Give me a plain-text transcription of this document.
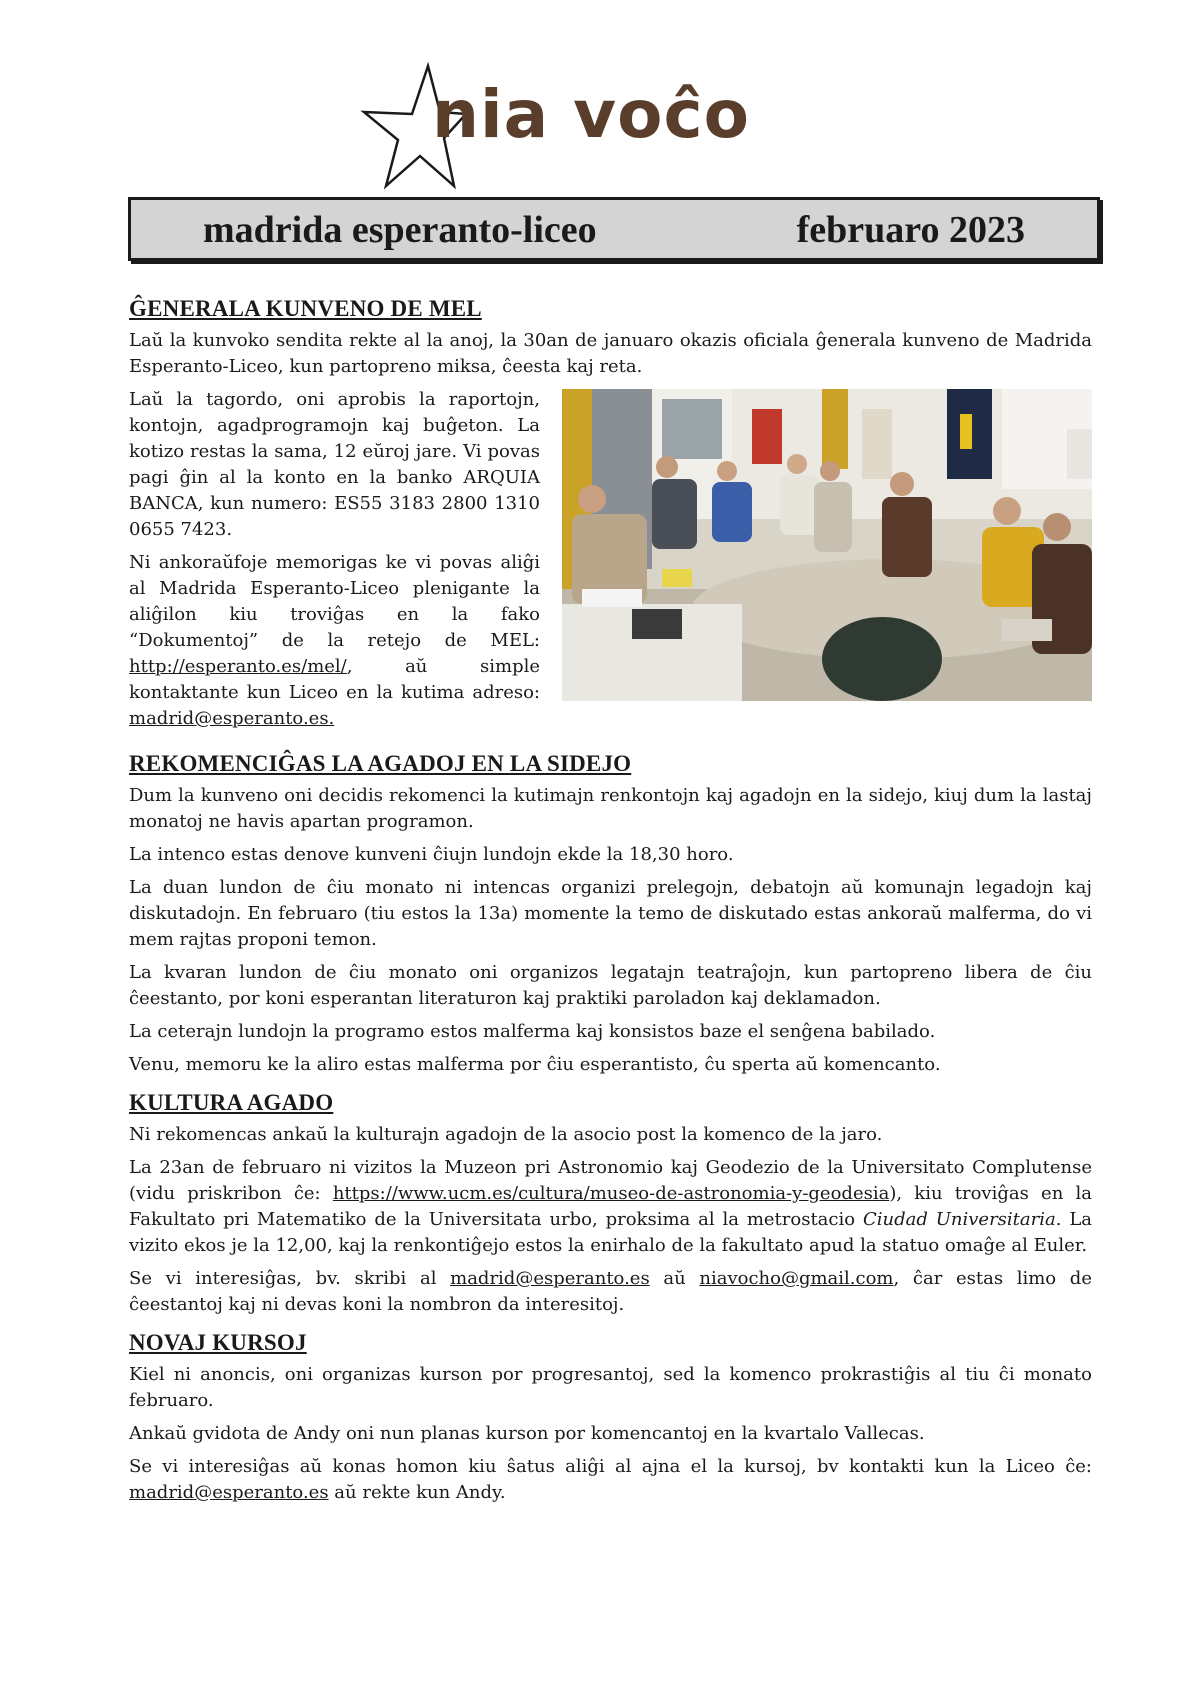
nia voĉo
madrida esperanto-liceo	februaro 2023
ĜENERALA KUNVENO DE MEL

Laŭ la kunvoko sendita rekte al la anoj, la 30an de januaro okazis oficiala ĝenerala kunveno de Madrida Esperanto-Liceo, kun partopreno miksa, ĉeesta kaj reta.

Laŭ la tagordo, oni aprobis la raportojn, kontojn, agadprogramojn kaj buĝeton. La kotizo restas la sama, 12 eŭroj jare. Vi povas pagi ĝin al la konto en la banko ARQUIA BANCA, kun numero: ES55 3183 2800 1310 0655 7423.

Ni ankoraŭfoje memorigas ke vi povas aliĝi al Madrida Esperanto-Liceo plenigante la aliĝilon kiu troviĝas en la fako “Dokumentoj” de la retejo de MEL: http://esperanto.es/mel/, aŭ simple kontaktante kun Liceo en la kutima adreso: madrid@esperanto.es.

REKOMENCIĜAS LA AGADOJ EN LA SIDEJO

Dum la kunveno oni decidis rekomenci la kutimajn renkontojn kaj agadojn en la sidejo, kiuj dum la lastaj monatoj ne havis apartan programon.

La intenco estas denove kunveni ĉiujn lundojn ekde la 18,30 horo.

La duan lundon de ĉiu monato ni intencas organizi prelegojn, debatojn aŭ komunajn legadojn kaj diskutadojn. En februaro (tiu estos la 13a) momente la temo de diskutado estas ankoraŭ malferma, do vi mem rajtas proponi temon.

La kvaran lundon de ĉiu monato oni organizos legatajn teatraĵojn, kun partopreno libera de ĉiu ĉeestanto, por koni esperantan literaturon kaj praktiki paroladon kaj deklamadon.

La ceterajn lundojn la programo estos malferma kaj konsistos baze el senĝena babilado.

Venu, memoru ke la aliro estas malferma por ĉiu esperantisto, ĉu sperta aŭ komencanto.

KULTURA AGADO

Ni rekomencas ankaŭ la kulturajn agadojn de la asocio post la komenco de la jaro.

La 23an de februaro ni vizitos la Muzeon pri Astronomio kaj Geodezio de la Universitato Complutense (vidu priskribon ĉe: https://www.ucm.es/cultura/museo-de-astronomia-y-geodesia), kiu troviĝas en la Fakultato pri Matematiko de la Universitata urbo, proksima al la metrostacio Ciudad Universitaria. La vizito ekos je la 12,00, kaj la renkontiĝejo estos la enirhalo de la fakultato apud la statuo omaĝe al Euler.

Se vi interesiĝas, bv. skribi al madrid@esperanto.es aŭ niavocho@gmail.com, ĉar estas limo de ĉeestantoj kaj ni devas koni la nombron da interesitoj.

NOVAJ KURSOJ

Kiel ni anoncis, oni organizas kurson por progresantoj, sed la komenco prokrastiĝis al tiu ĉi monato februaro.

Ankaŭ gvidota de Andy oni nun planas kurson por komencantoj en la kvartalo Vallecas.

Se vi interesiĝas aŭ konas homon kiu ŝatus aliĝi al ajna el la kursoj, bv kontakti kun la Liceo ĉe: madrid@esperanto.es aŭ rekte kun Andy.
